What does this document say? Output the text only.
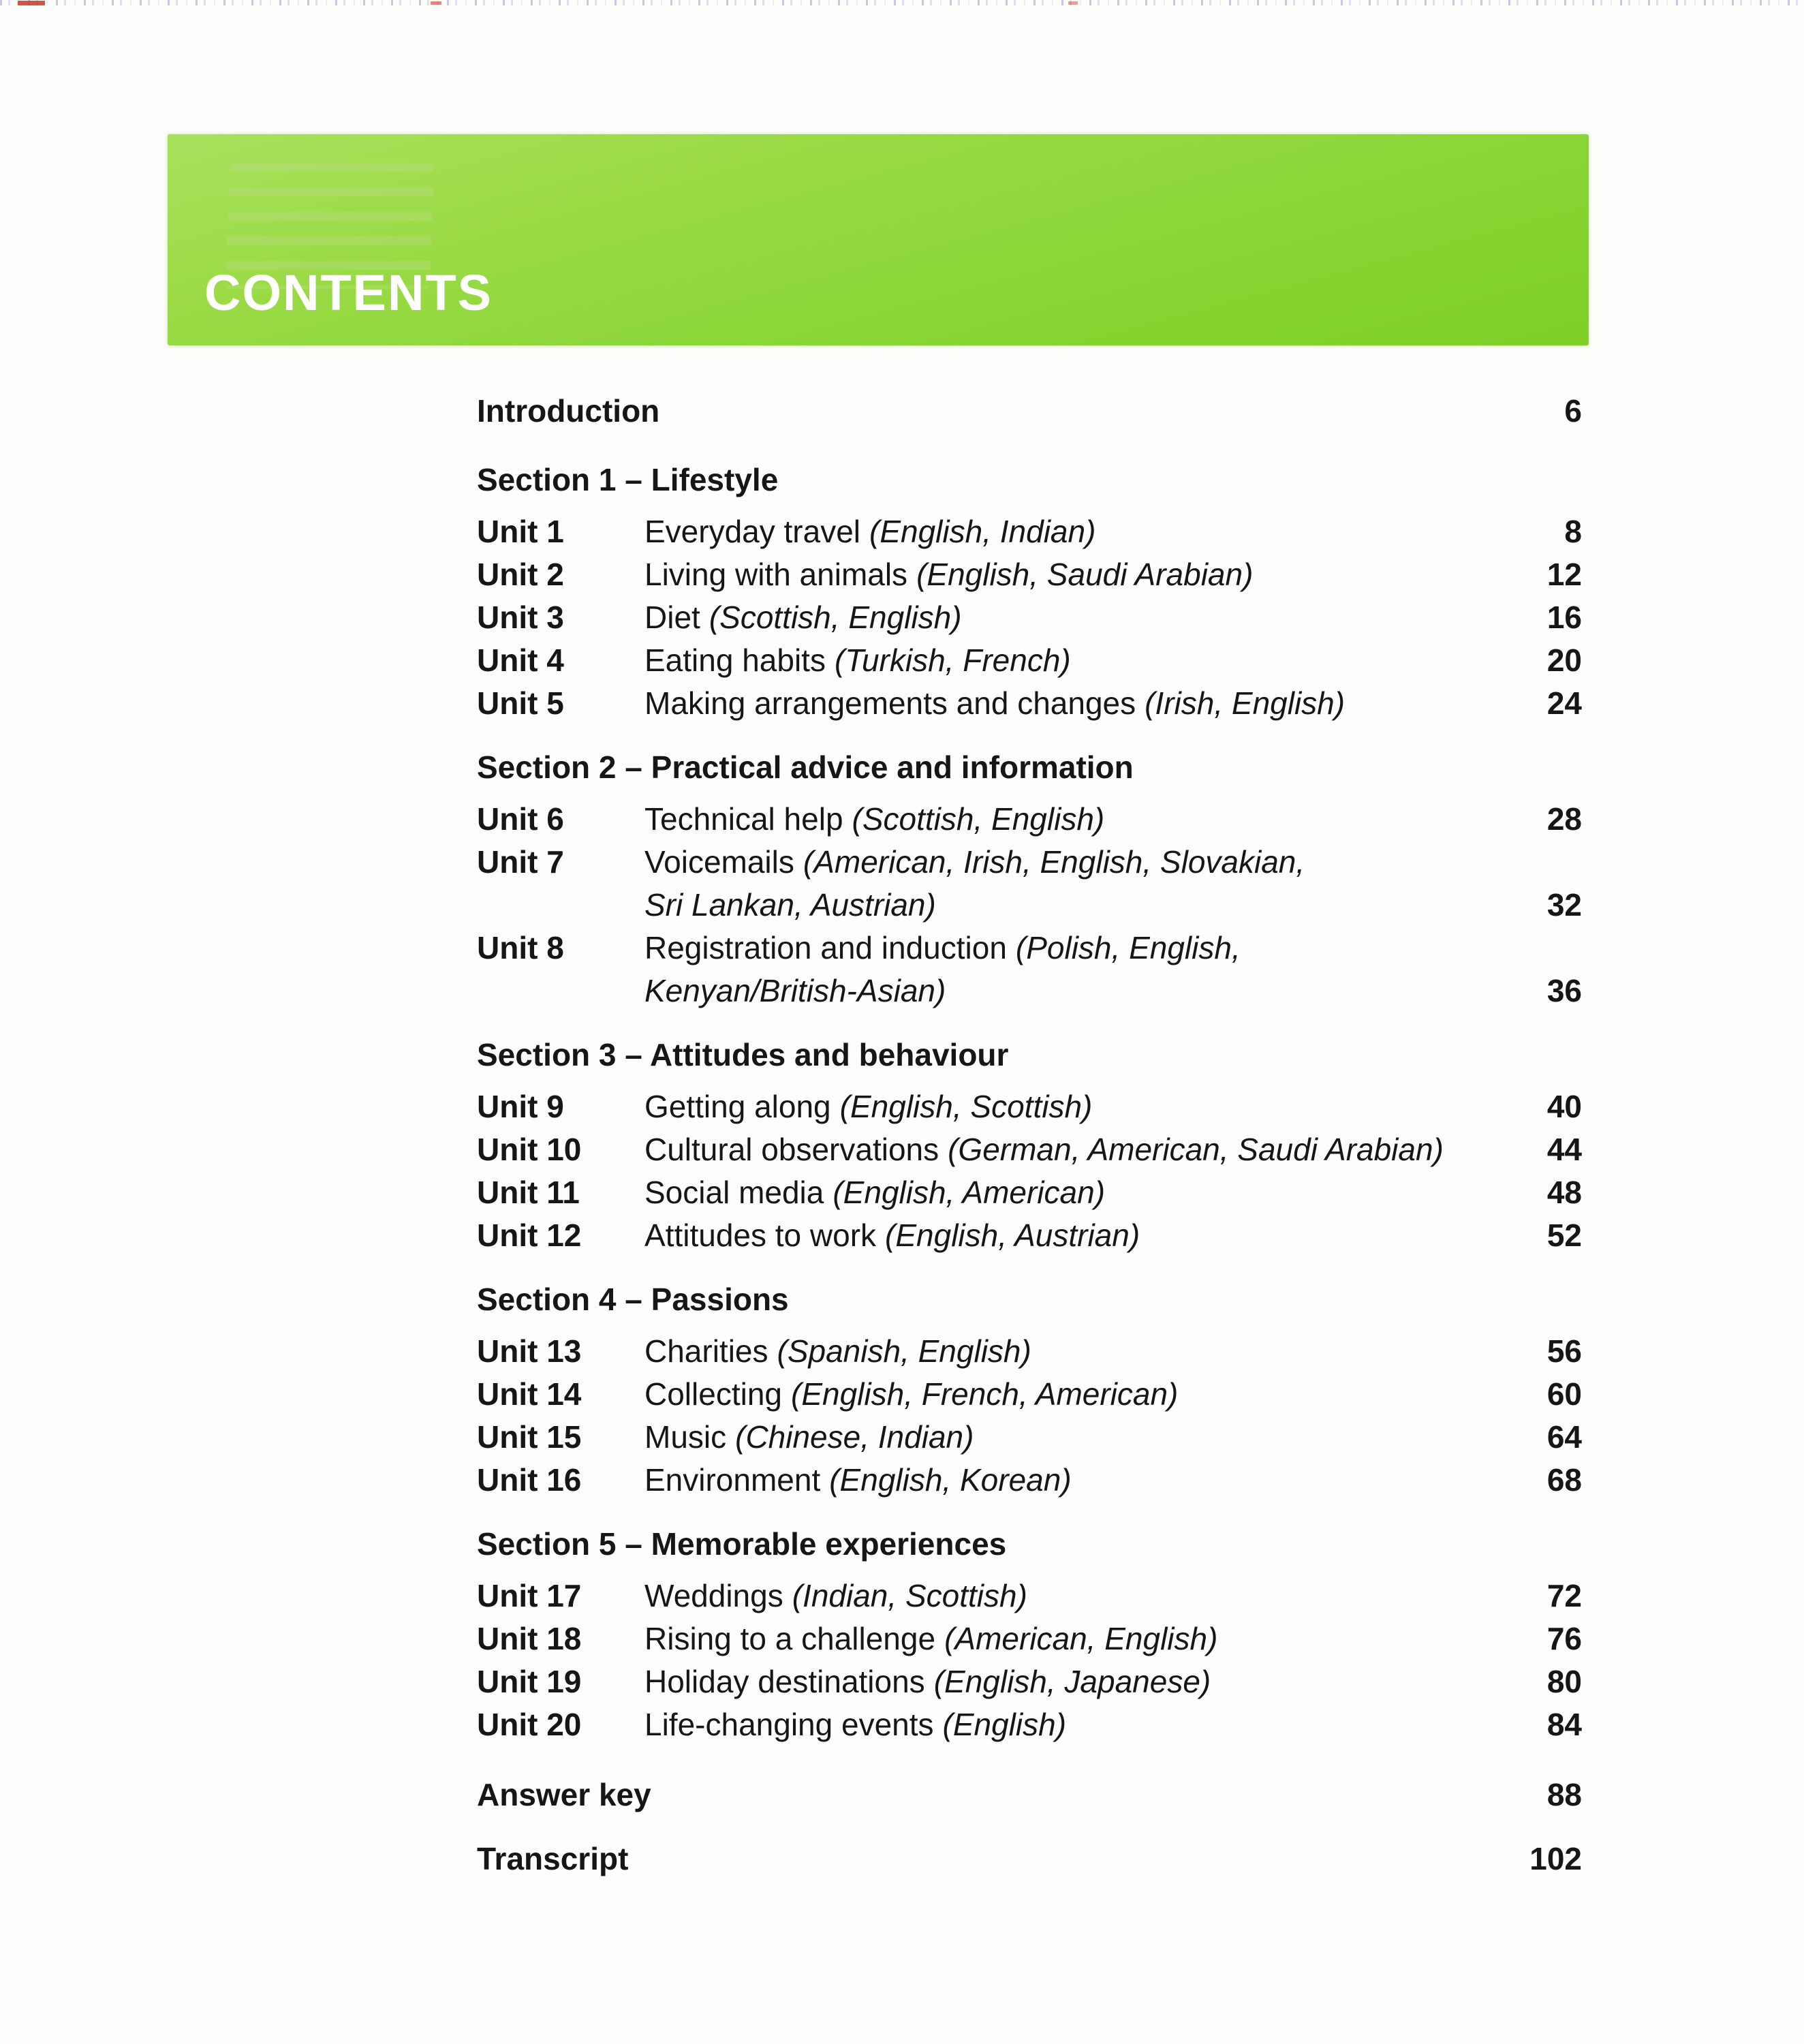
CONTENTS
Introduction	6
Section 1 – Lifestyle
Unit 1	Everyday travel (English, Indian)	8
Unit 2	Living with animals (English, Saudi Arabian)	12
Unit 3	Diet (Scottish, English)	16
Unit 4	Eating habits (Turkish, French)	20
Unit 5	Making arrangements and changes (Irish, English)	24
Section 2 – Practical advice and information
Unit 6	Technical help (Scottish, English)	28
Unit 7	Voicemails (American, Irish, English, Slovakian,
Sri Lankan, Austrian)	32
Unit 8	Registration and induction (Polish, English,
Kenyan/British-Asian)	36
Section 3 – Attitudes and behaviour
Unit 9	Getting along (English, Scottish)	40
Unit 10	Cultural observations (German, American, Saudi Arabian)	44
Unit 11	Social media (English, American)	48
Unit 12	Attitudes to work (English, Austrian)	52
Section 4 – Passions
Unit 13	Charities (Spanish, English)	56
Unit 14	Collecting (English, French, American)	60
Unit 15	Music (Chinese, Indian)	64
Unit 16	Environment (English, Korean)	68
Section 5 – Memorable experiences
Unit 17	Weddings (Indian, Scottish)	72
Unit 18	Rising to a challenge (American, English)	76
Unit 19	Holiday destinations (English, Japanese)	80
Unit 20	Life-changing events (English)	84
Answer key	88
Transcript	102
